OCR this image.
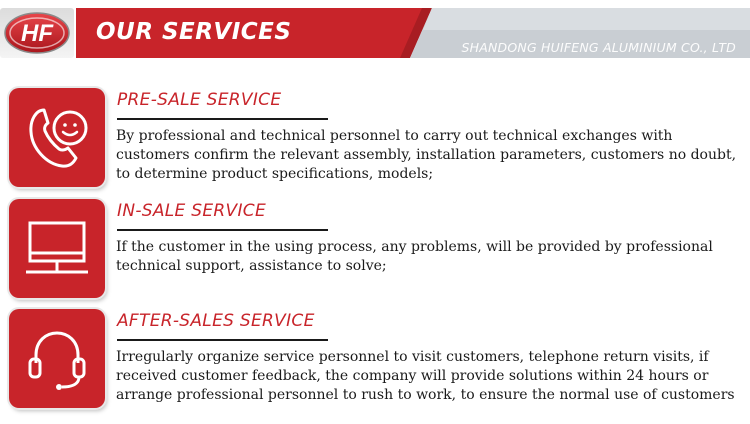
HF OUR SERVICES
SHANDONG HUIFENG ALUMINIUM CO., LTD
PRE-SALE SERVICE
By professional and technical personnel to carry out technical exchanges with customers confirm the relevant assembly, installation parameters, customers no doubt, to determine product specifications, models;
IN-SALE SERVICE
If the customer in the using process, any problems, will be provided by professional technical support, assistance to solve;
AFTER-SALES SERVICE
Irregularly organize service personnel to visit customers, telephone return visits, if received customer feedback, the company will provide solutions within 24 hours or arrange professional personnel to rush to work, to ensure the normal use of customers
